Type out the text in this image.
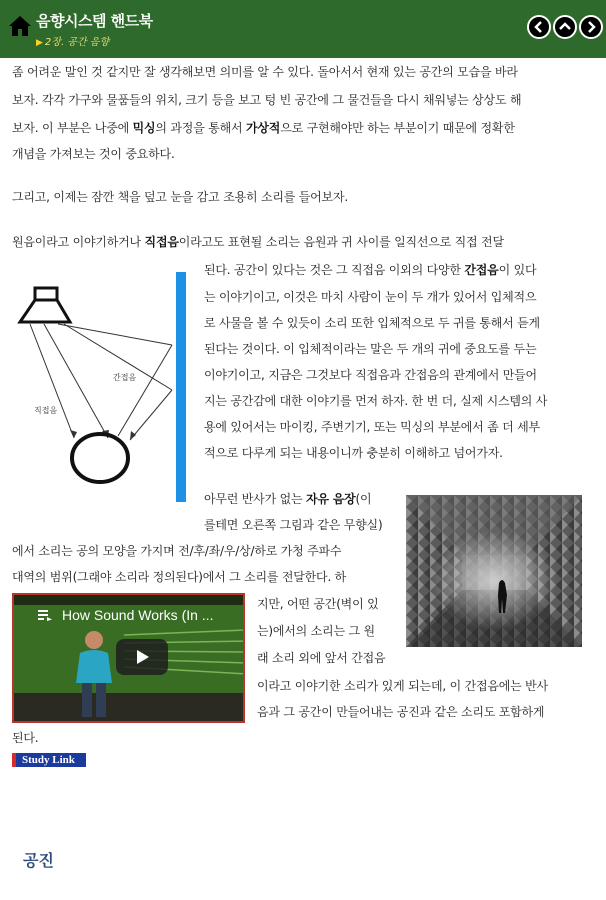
음향시스템 핸드북
▶ 2장. 공간 음향
좀 어려운 말인 것 같지만 잘 생각해보면 의미를 알 수 있다. 돌아서서 현재 있는 공간의 모습을 바라
보자. 각각 가구와 물품들의 위치, 크기 등을 보고 텅 빈 공간에 그 물건들을 다시 채워넣는 상상도 해
보자. 이 부분은 나중에 믹싱의 과정을 통해서 가상적으로 구현해야만 하는 부분이기 때문에 정확한
개념을 가져보는 것이 중요하다.
그리고, 이제는 잠깐 책을 덮고 눈을 감고 조용히 소리를 들어보자.
원음이라고 이야기하거나 직접음이라고도 표현될 소리는 음원과 귀 사이를 일직선으로 직접 전달
된다. 공간이 있다는 것은 그 직접음 이외의 다양한 간접음이 있다
는 이야기이고, 이것은 마치 사람이 눈이 두 개가 있어서 입체적으
로 사물을 볼 수 있듯이 소리 또한 입체적으로 두 귀를 통해서 듣게
된다는 것이다. 이 입체적이라는 말은 두 개의 귀에 중요도를 두는
이야기이고, 지금은 그것보다 직접음과 간접음의 관계에서 만들어
지는 공간감에 대한 이야기를 먼저 하자. 한 번 더, 실제 시스템의 사
용에 있어서는 마이킹, 주변기기, 또는 믹싱의 부분에서 좀 더 세부
적으로 다루게 되는 내용이니까 충분히 이해하고 넘어가자.
직접음
간접음
아무런 반사가 없는 자유 음장(이
를테면 오른쪽 그림과 같은 무향실)
에서 소리는 공의 모양을 가지며 전/후/좌/우/상/하로 가청 주파수
대역의 범위(그래야 소리라 정의된다)에서 그 소리를 전달한다. 하
지만, 어떤 공간(벽이 있
는)에서의 소리는 그 원
래 소리 외에 앞서 간접음
이라고 이야기한 소리가 있게 되는데, 이 간접음에는 반사
음과 그 공간이 만들어내는 공진과 같은 소리도 포함하게
된다.
How Sound Works (In ...
Study Link
공진
